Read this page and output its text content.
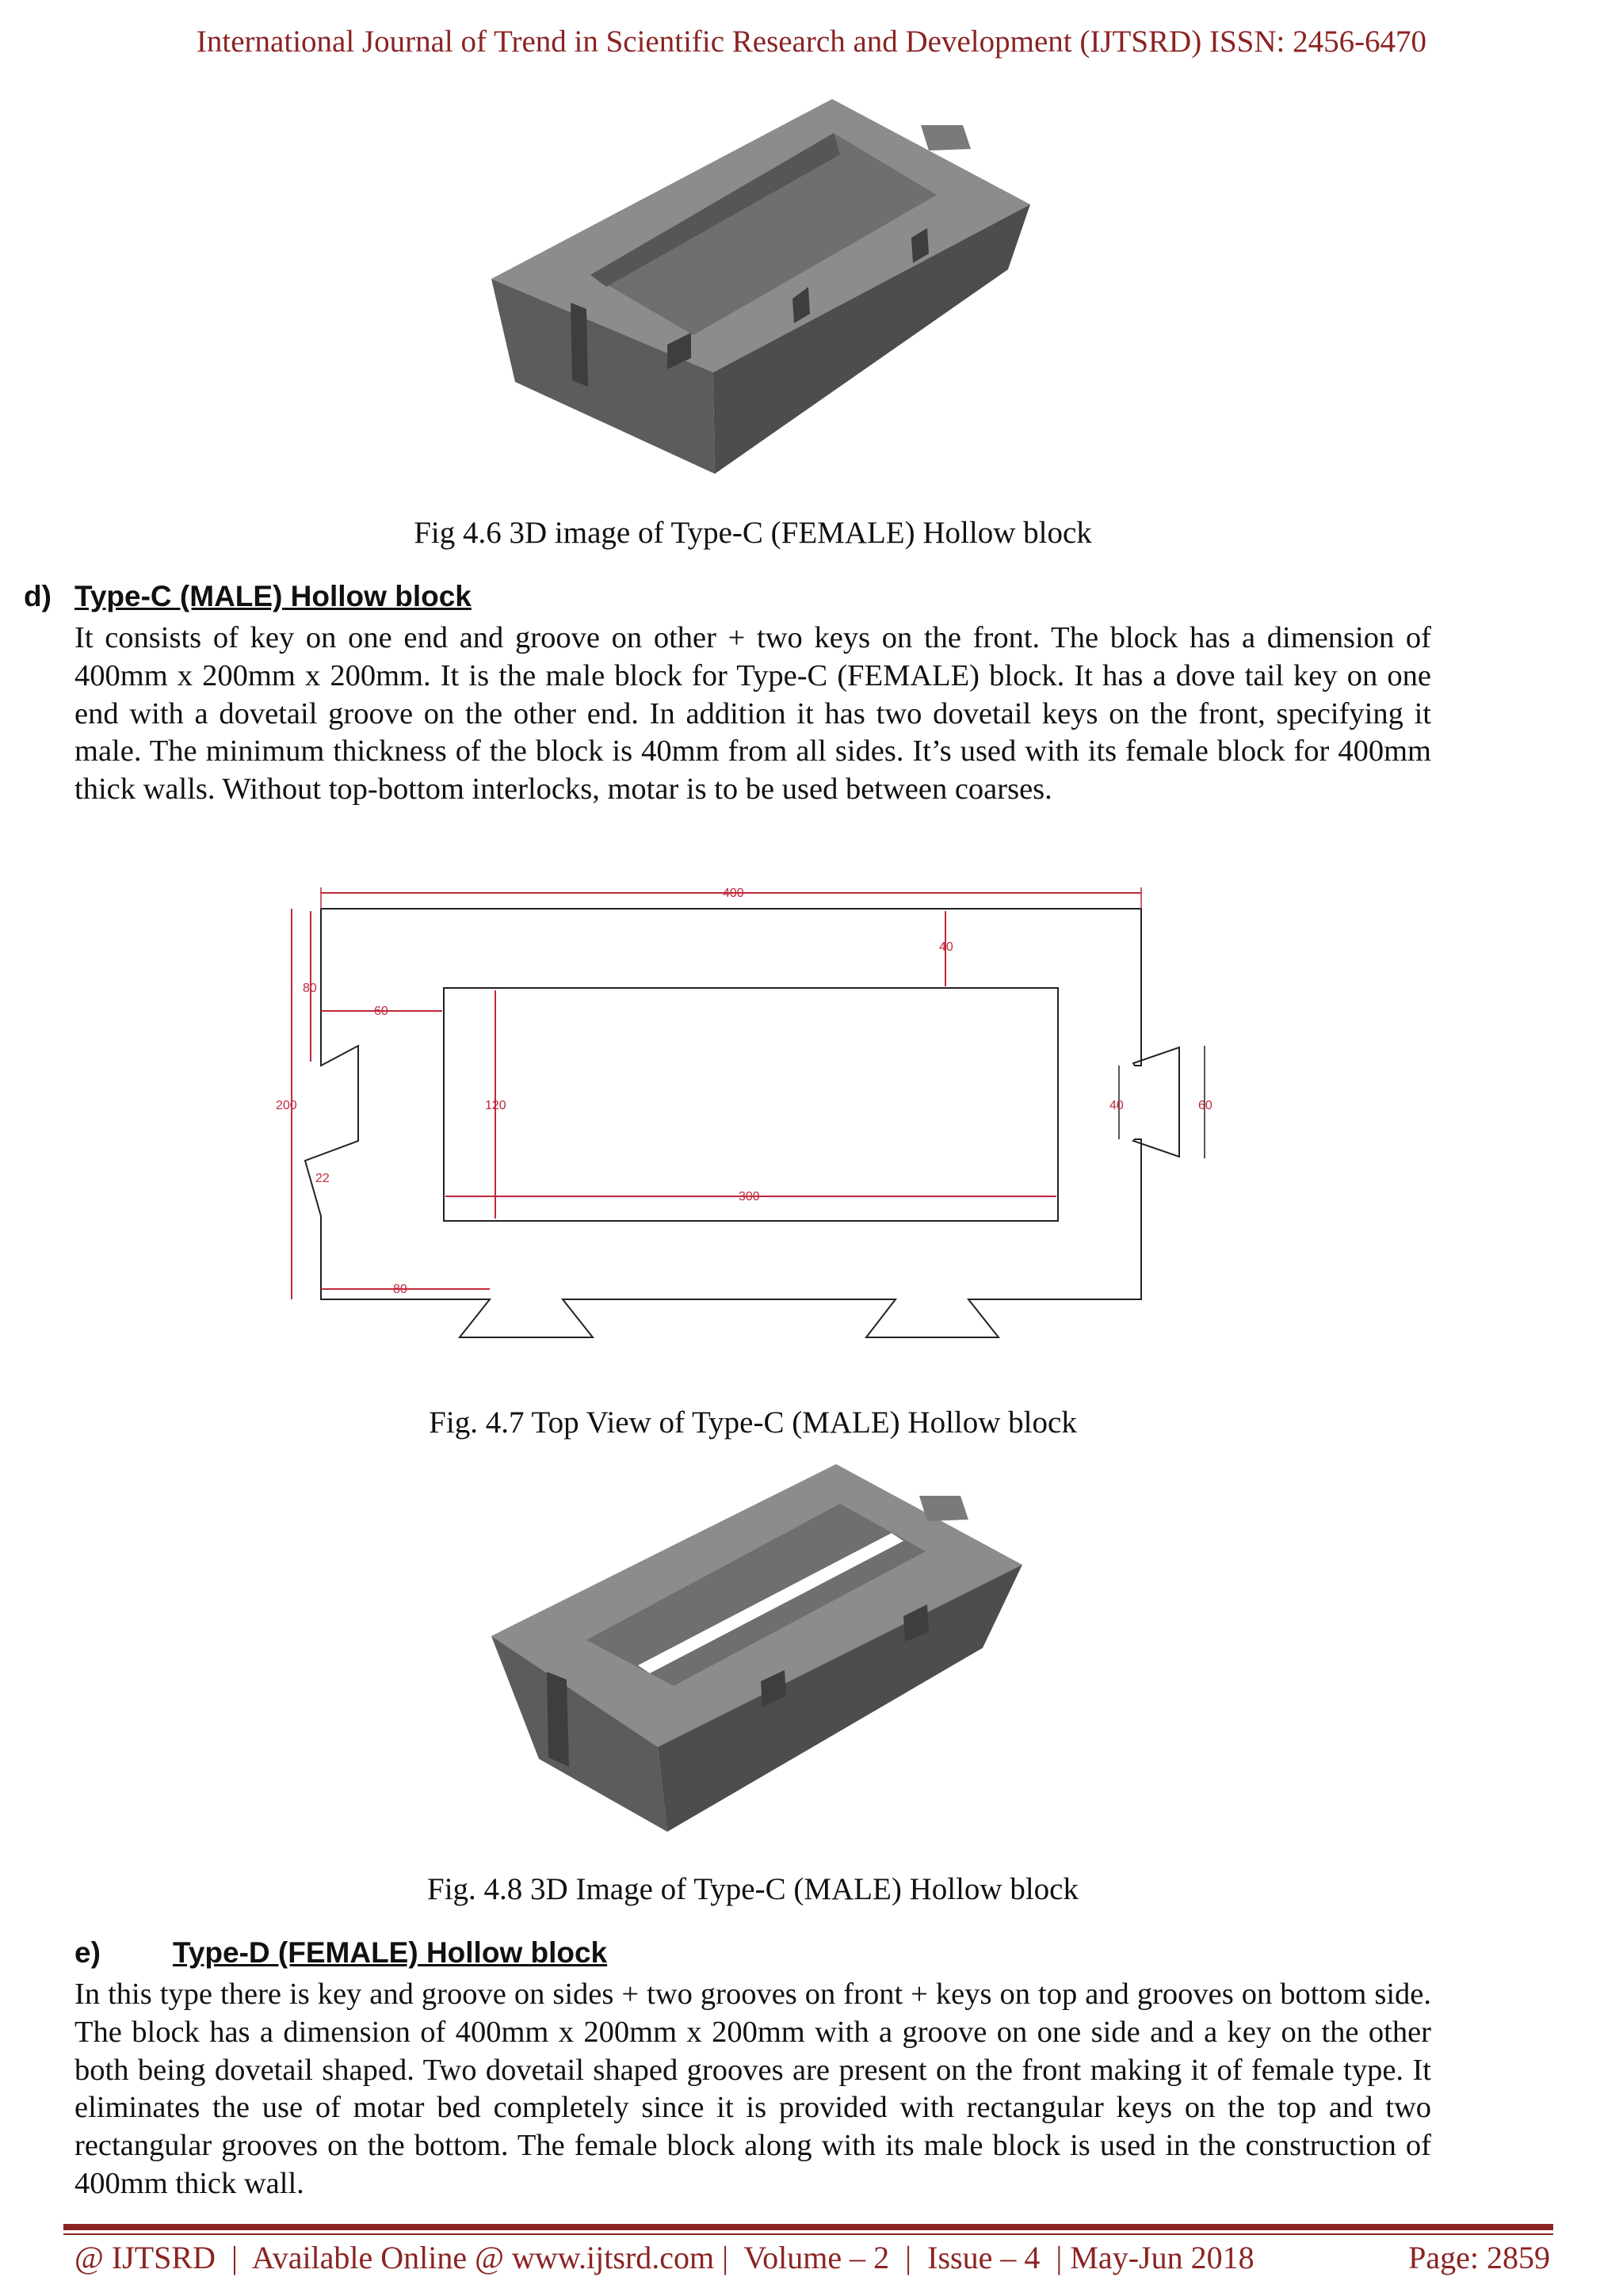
International Journal of Trend in Scientific Research and Development (IJTSRD) ISSN: 2456-6470
Fig 4.6 3D image of Type-C (FEMALE) Hollow block
d) Type-C (MALE) Hollow block
It consists of key on one end and groove on other + two keys on the front. The block has a dimension of 400mm x 200mm x 200mm. It is the male block for Type-C (FEMALE) block. It has a dove tail key on one end with a dovetail groove on the other end. In addition it has two dovetail keys on the front, specifying it male. The minimum thickness of the block is 40mm from all sides. It’s used with its female block for 400mm thick walls. Without top-bottom interlocks, motar is to be used between coarses.
400
40
80
60
200	120
300
22
80
40	60
Fig. 4.7 Top View of Type-C (MALE) Hollow block
Fig. 4.8 3D Image of Type-C (MALE) Hollow block
e) Type-D (FEMALE) Hollow block
In this type there is key and groove on sides + two grooves on front + keys on top and grooves on bottom side. The block has a dimension of 400mm x 200mm x 200mm with a groove on one side and a key on the other both being dovetail shaped. Two dovetail shaped grooves are present on the front making it of female type. It eliminates the use of motar bed completely since it is provided with rectangular keys on the top and two rectangular grooves on the bottom. The female block along with its male block is used in the construction of 400mm thick wall.
@ IJTSRD  |  Available Online @ www.ijtsrd.com |  Volume – 2  |  Issue – 4  | May-Jun 2018	Page: 2859
